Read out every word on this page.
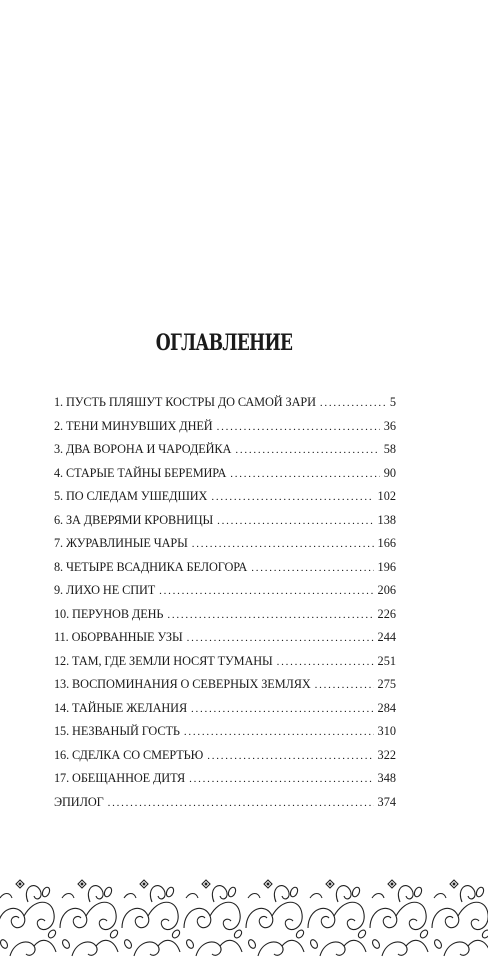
ОГЛАВЛЕНИЕ
1. ПУСТЬ ПЛЯШУТ КОСТРЫ ДО САМОЙ ЗАРИ . . .	5
2. ТЕНИ МИНУВШИХ ДНЕЙ . . .	36
3. ДВА ВОРОНА И ЧАРОДЕЙКА . . .	58
4. СТАРЫЕ ТАЙНЫ БЕРЕМИРА . . .	90
5. ПО СЛЕДАМ УШЕДШИХ . . .	102
6. ЗА ДВЕРЯМИ КРОВНИЦЫ . . .	138
7. ЖУРАВЛИНЫЕ ЧАРЫ . . .	166
8. ЧЕТЫРЕ ВСАДНИКА БЕЛОГОРА . . .	196
9. ЛИХО НЕ СПИТ . . .	206
10. ПЕРУНОВ ДЕНЬ . . .	226
11. ОБОРВАННЫЕ УЗЫ . . .	244
12. ТАМ, ГДЕ ЗЕМЛИ НОСЯТ ТУМАНЫ . . .	251
13. ВОСПОМИНАНИЯ О СЕВЕРНЫХ ЗЕМЛЯХ . . .	275
14. ТАЙНЫЕ ЖЕЛАНИЯ . . .	284
15. НЕЗВАНЫЙ ГОСТЬ . . .	310
16. СДЕЛКА СО СМЕРТЬЮ . . .	322
17. ОБЕЩАННОЕ ДИТЯ . . .	348
ЭПИЛОГ . . .	374
